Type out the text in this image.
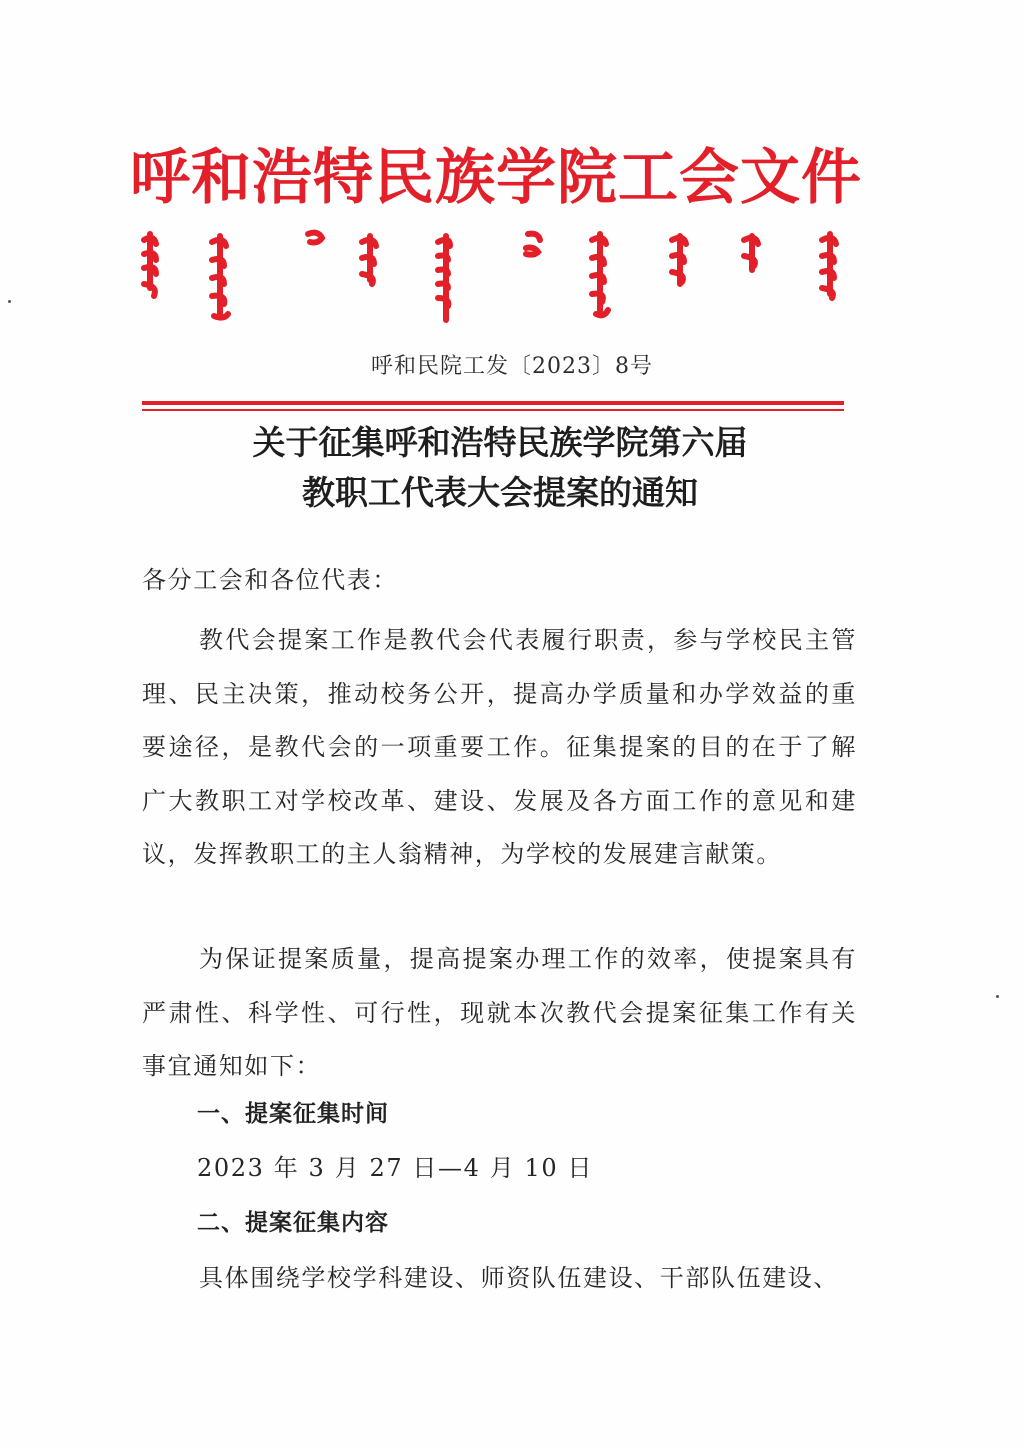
呼和浩特民族学院工会文件
呼和民院工发〔2023〕8号
关于征集呼和浩特民族学院第六届
教职工代表大会提案的通知
各分工会和各位代表：

教代会提案工作是教代会代表履行职责，参与学校民主管理、民主决策，推动校务公开，提高办学质量和办学效益的重要途径，是教代会的一项重要工作。征集提案的目的在于了解广大教职工对学校改革、建设、发展及各方面工作的意见和建议，发挥教职工的主人翁精神，为学校的发展建言献策。

为保证提案质量，提高提案办理工作的效率，使提案具有严肃性、科学性、可行性，现就本次教代会提案征集工作有关事宜通知如下：

一、提案征集时间
2023 年 3 月 27 日—4 月 10 日
二、提案征集内容
具体围绕学校学科建设、师资队伍建设、干部队伍建设、
